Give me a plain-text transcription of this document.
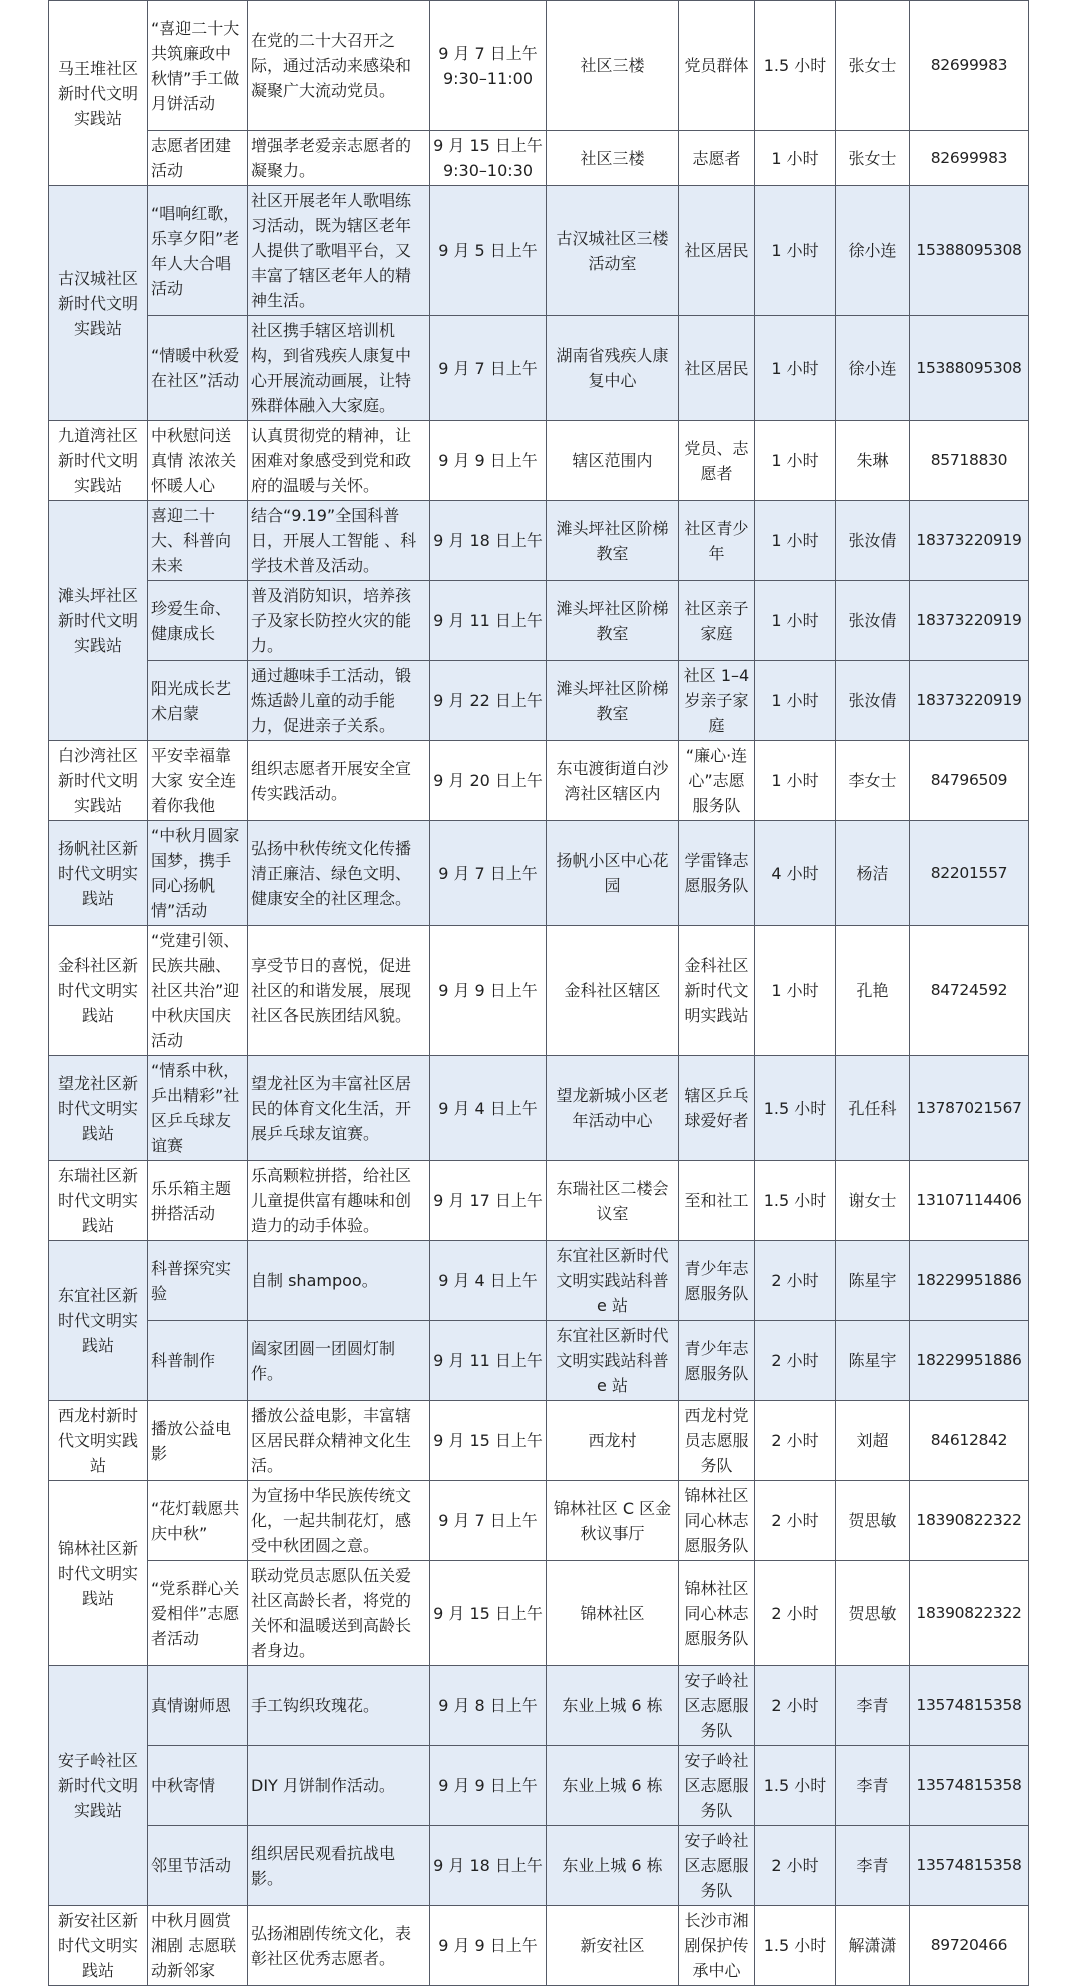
马王堆社区新时代文明实践站	“喜迎二十大共筑廉政中秋情”手工做月饼活动	在党的二十大召开之际，通过活动来感染和凝聚广大流动党员。	9 月 7 日上午 9:30–11:00	社区三楼	党员群体	1.5 小时	张女士	82699983
	志愿者团建活动	增强孝老爱亲志愿者的凝聚力。	9 月 15 日上午 9:30–10:30	社区三楼	志愿者	1 小时	张女士	82699983
古汉城社区新时代文明实践站	“唱响红歌，乐享夕阳”老年人大合唱活动	社区开展老年人歌唱练习活动，既为辖区老年人提供了歌唱平台，又丰富了辖区老年人的精神生活。	9 月 5 日上午	古汉城社区三楼活动室	社区居民	1 小时	徐小连	15388095308
	“情暖中秋爱在社区”活动	社区携手辖区培训机构，到省残疾人康复中心开展流动画展，让特殊群体融入大家庭。	9 月 7 日上午	湖南省残疾人康复中心	社区居民	1 小时	徐小连	15388095308
九道湾社区新时代文明实践站	中秋慰问送真情 浓浓关怀暖人心	认真贯彻党的精神，让困难对象感受到党和政府的温暖与关怀。	9 月 9 日上午	辖区范围内	党员、志愿者	1 小时	朱琳	85718830
滩头坪社区新时代文明实践站	喜迎二十大、科普向未来	结合“9.19”全国科普日，开展人工智能 、科学技术普及活动。	9 月 18 日上午	滩头坪社区阶梯教室	社区青少年	1 小时	张汝倩	18373220919
	珍爱生命、健康成长	普及消防知识，培养孩子及家长防控火灾的能力。	9 月 11 日上午	滩头坪社区阶梯教室	社区亲子家庭	1 小时	张汝倩	18373220919
	阳光成长艺术启蒙	通过趣味手工活动，锻炼适龄儿童的动手能力，促进亲子关系。	9 月 22 日上午	滩头坪社区阶梯教室	社区 1–4 岁亲子家庭	1 小时	张汝倩	18373220919
白沙湾社区新时代文明实践站	平安幸福靠大家 安全连着你我他	组织志愿者开展安全宣传实践活动。	9 月 20 日上午	东屯渡街道白沙湾社区辖区内	“廉心·连心”志愿服务队	1 小时	李女士	84796509
扬帆社区新时代文明实践站	“中秋月圆家国梦，携手同心扬帆情”活动	弘扬中秋传统文化传播清正廉洁、绿色文明、健康安全的社区理念。	9 月 7 日上午	扬帆小区中心花园	学雷锋志愿服务队	4 小时	杨洁	82201557
金科社区新时代文明实践站	“党建引领、民族共融、社区共治”迎中秋庆国庆活动	享受节日的喜悦，促进社区的和谐发展，展现社区各民族团结风貌。	9 月 9 日上午	金科社区辖区	金科社区新时代文明实践站	1 小时	孔艳	84724592
望龙社区新时代文明实践站	“情系中秋，乒出精彩”社区乒乓球友谊赛	望龙社区为丰富社区居民的体育文化生活，开展乒乓球友谊赛。	9 月 4 日上午	望龙新城小区老年活动中心	辖区乒乓球爱好者	1.5 小时	孔任科	13787021567
东瑞社区新时代文明实践站	乐乐箱主题拼搭活动	乐高颗粒拼搭，给社区儿童提供富有趣味和创造力的动手体验。	9 月 17 日上午	东瑞社区二楼会议室	至和社工	1.5 小时	谢女士	13107114406
东宜社区新时代文明实践站	科普探究实验	自制 shampoo。	9 月 4 日上午	东宜社区新时代文明实践站科普 e 站	青少年志愿服务队	2 小时	陈星宇	18229951886
	科普制作	阖家团圆一团圆灯制作。	9 月 11 日上午	东宜社区新时代文明实践站科普 e 站	青少年志愿服务队	2 小时	陈星宇	18229951886
西龙村新时代文明实践站	播放公益电影	播放公益电影，丰富辖区居民群众精神文化生活。	9 月 15 日上午	西龙村	西龙村党员志愿服务队	2 小时	刘超	84612842
锦林社区新时代文明实践站	“花灯载愿共庆中秋”	为宣扬中华民族传统文化，一起共制花灯，感受中秋团圆之意。	9 月 7 日上午	锦林社区 C 区金秋议事厅	锦林社区同心林志愿服务队	2 小时	贺思敏	18390822322
	“党系群心关爱相伴”志愿者活动	联动党员志愿队伍关爱社区高龄长者，将党的关怀和温暖送到高龄长者身边。	9 月 15 日上午	锦林社区	锦林社区同心林志愿服务队	2 小时	贺思敏	18390822322
安子岭社区新时代文明实践站	真情谢师恩	手工钩织玫瑰花。	9 月 8 日上午	东业上城 6 栋	安子岭社区志愿服务队	2 小时	李青	13574815358
	中秋寄情	DIY 月饼制作活动。	9 月 9 日上午	东业上城 6 栋	安子岭社区志愿服务队	1.5 小时	李青	13574815358
	邻里节活动	组织居民观看抗战电影。	9 月 18 日上午	东业上城 6 栋	安子岭社区志愿服务队	2 小时	李青	13574815358
新安社区新时代文明实践站	中秋月圆赏湘剧 志愿联动新邻家	弘扬湘剧传统文化，表彰社区优秀志愿者。	9 月 9 日上午	新安社区	长沙市湘剧保护传承中心	1.5 小时	解潇潇	89720466
